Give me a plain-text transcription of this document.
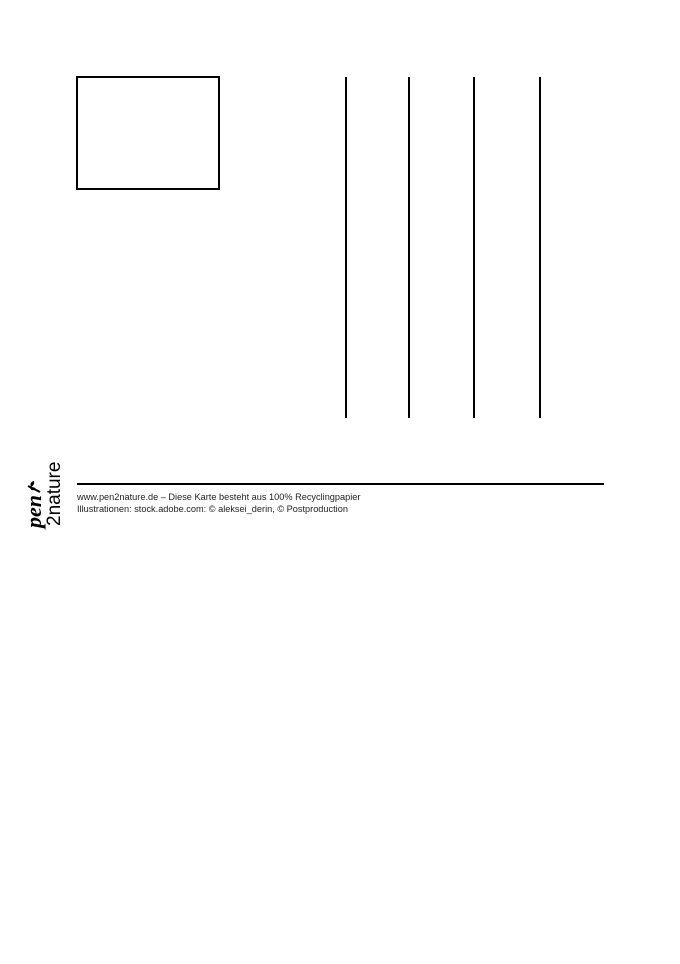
pen
2nature www.pen2nature.de – Diese Karte besteht aus 100% Recyclingpapier
Illustrationen: stock.adobe.com: © aleksei_derin, © Postproduction
